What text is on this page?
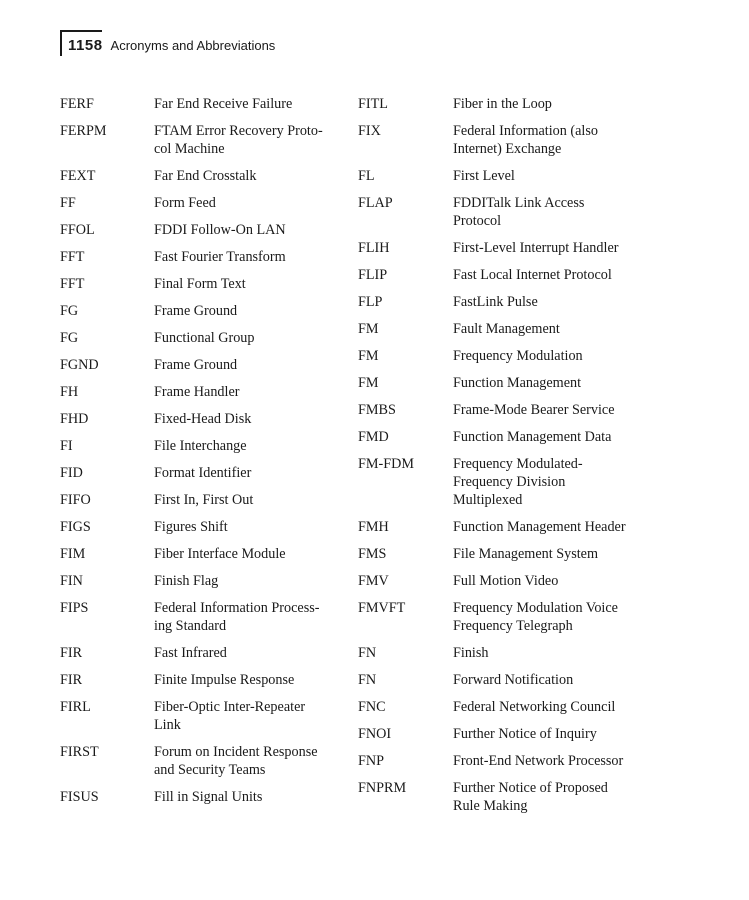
1158 Acronyms and Abbreviations
FERF	Far End Receive Failure
FERPM	FTAM Error Recovery Proto-
col Machine
FEXT	Far End Crosstalk
FF	Form Feed
FFOL	FDDI Follow-On LAN
FFT	Fast Fourier Transform
FFT	Final Form Text
FG	Frame Ground
FG	Functional Group
FGND	Frame Ground
FH	Frame Handler
FHD	Fixed-Head Disk
FI	File Interchange
FID	Format Identifier
FIFO	First In, First Out
FIGS	Figures Shift
FIM	Fiber Interface Module
FIN	Finish Flag
FIPS	Federal Information Process-
ing Standard
FIR	Fast Infrared
FIR	Finite Impulse Response
FIRL	Fiber-Optic Inter-Repeater
Link
FIRST	Forum on Incident Response
and Security Teams
FISUS	Fill in Signal Units
FITL	Fiber in the Loop
FIX	Federal Information (also
Internet) Exchange
FL	First Level
FLAP	FDDITalk Link Access
Protocol
FLIH	First-Level Interrupt Handler
FLIP	Fast Local Internet Protocol
FLP	FastLink Pulse
FM	Fault Management
FM	Frequency Modulation
FM	Function Management
FMBS	Frame-Mode Bearer Service
FMD	Function Management Data
FM-FDM	Frequency Modulated-
Frequency Division
Multiplexed
FMH	Function Management Header
FMS	File Management System
FMV	Full Motion Video
FMVFT	Frequency Modulation Voice
Frequency Telegraph
FN	Finish
FN	Forward Notification
FNC	Federal Networking Council
FNOI	Further Notice of Inquiry
FNP	Front-End Network Processor
FNPRM	Further Notice of Proposed
Rule Making
